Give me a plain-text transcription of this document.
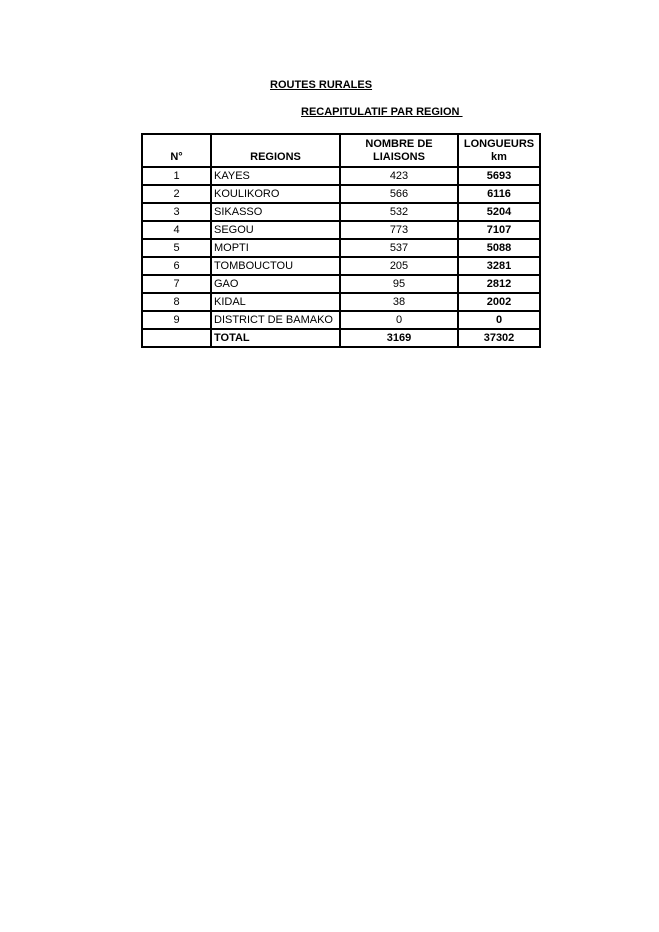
ROUTES RURALES
RECAPITULATIF PAR REGION
N°	REGIONS	NOMBRE DE LIAISONS	LONGUEURS
km
1	KAYES	423	5693
2	KOULIKORO	566	6116
3	SIKASSO	532	5204
4	SEGOU	773	7107
5	MOPTI	537	5088
6	TOMBOUCTOU	205	3281
7	GAO	95	2812
8	KIDAL	38	2002
9	DISTRICT DE BAMAKO	0	0
	TOTAL	3169	37302
